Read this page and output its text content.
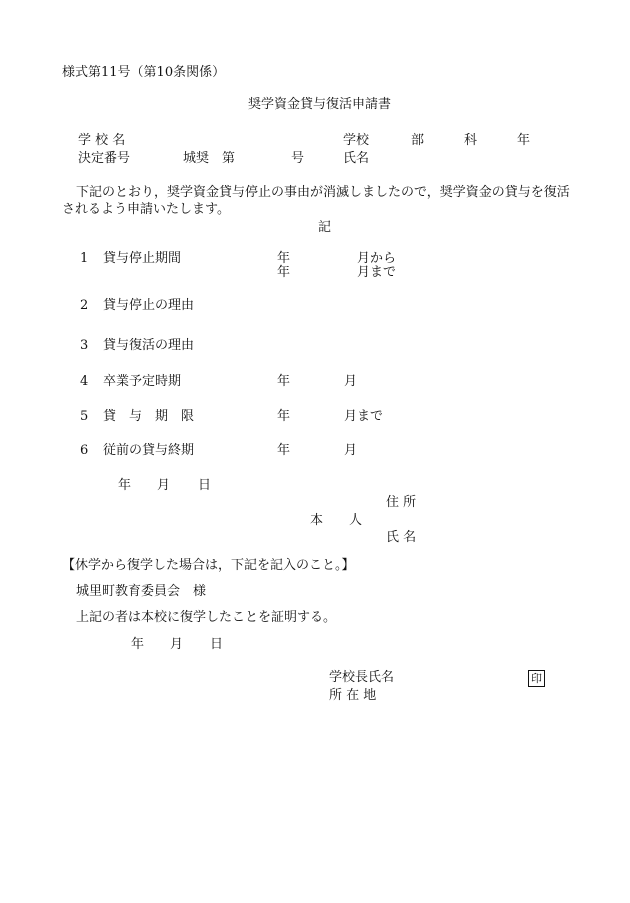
様式第11号（第10条関係）
奨学資金貸与復活申請書
学 校 名	学校	部	科	年
決定番号	城奨 第	号	氏名
下記のとおり，奨学資金貸与停止の事由が消滅しましたので，奨学資金の貸与を復活
されるよう申請いたします。
記
1 貸与停止期間	年	月から
年	月まで
2 貸与停止の理由
3 貸与復活の理由
4 卒業予定時期	年	月
5 貸　与　期　限	年	月まで
6 従前の貸与終期	年	月
年 月 日
住 所
本　　人
氏 名
【休学から復学した場合は，下記を記入のこと。】
城里町教育委員会　様
上記の者は本校に復学したことを証明する。
年 月 日
学校長氏名	印
所 在 地
